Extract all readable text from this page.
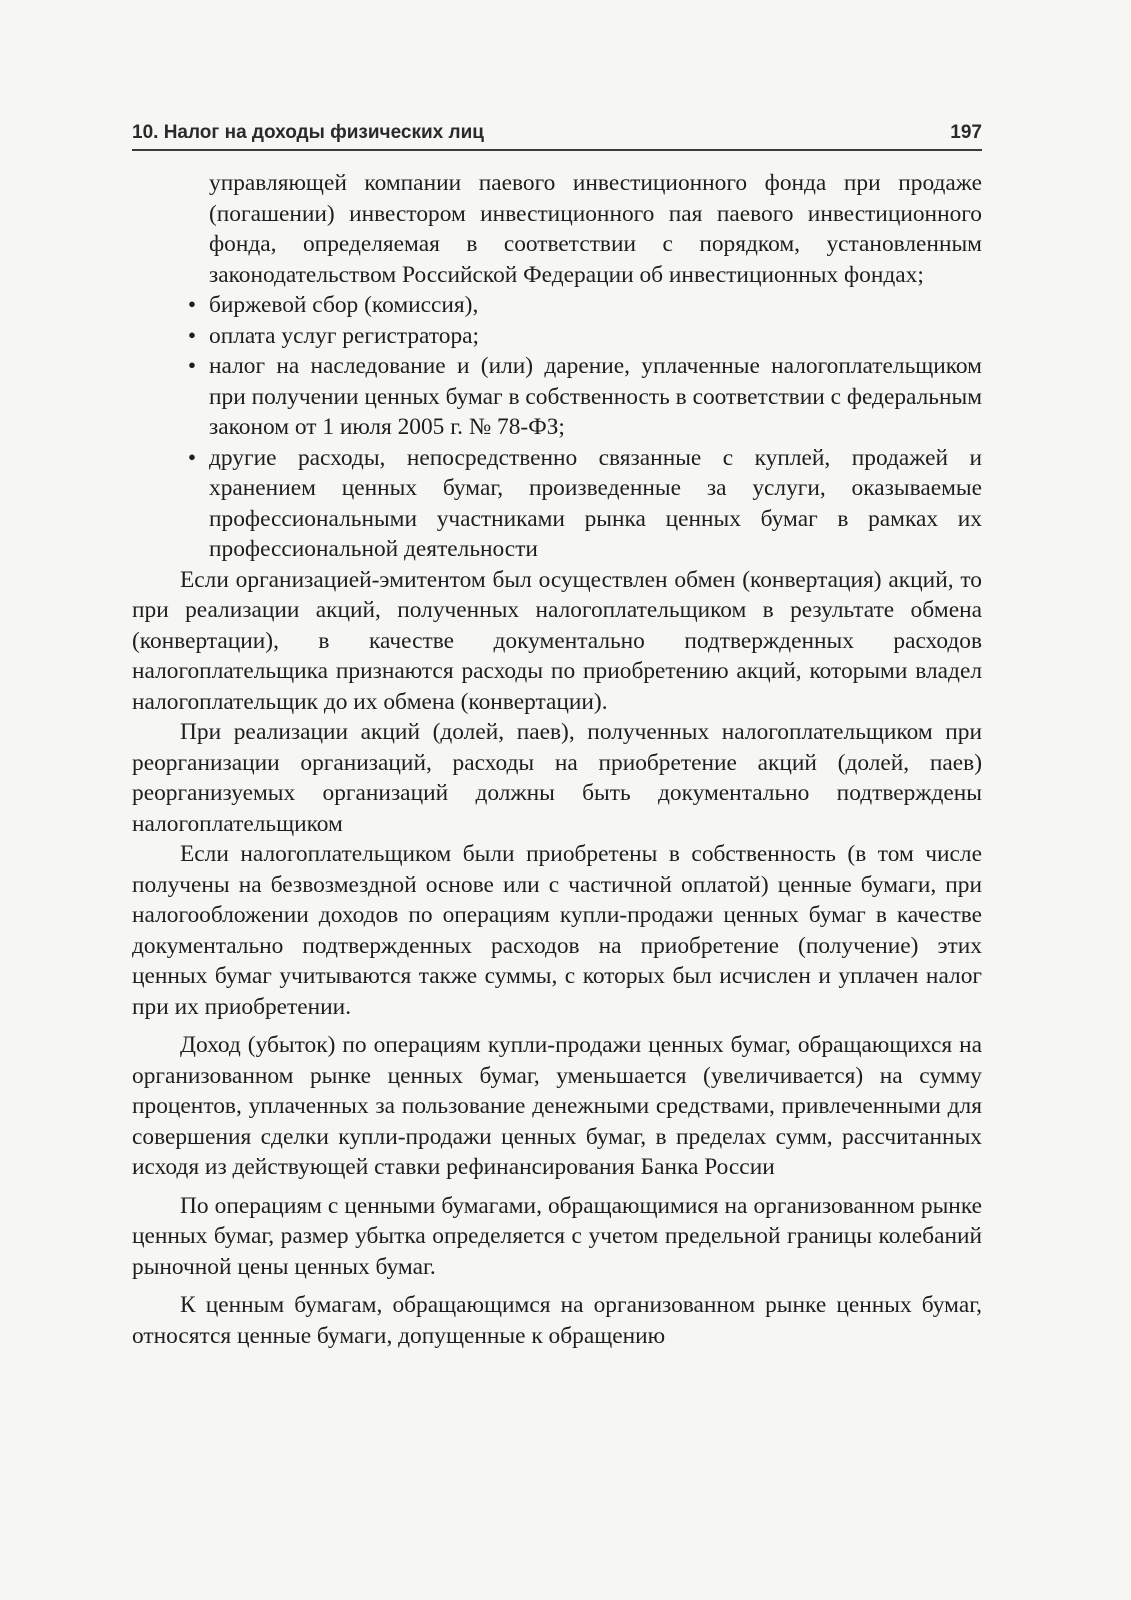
10. Налог на доходы физических лиц	197

управляющей компании паевого инвестиционного фонда при продаже (погашении) инвестором инвестиционного пая паевого инвестиционного фонда, определяемая в соответствии с порядком, установленным законодательством Российской Федерации об инвестиционных фондах;

• биржевой сбор (комиссия),
• оплата услуг регистратора;
• налог на наследование и (или) дарение, уплаченные налогоплательщиком при получении ценных бумаг в собственность в соответствии с федеральным законом от 1 июля 2005 г. № 78-ФЗ;
• другие расходы, непосредственно связанные с куплей, продажей и хранением ценных бумаг, произведенные за услуги, оказываемые профессиональными участниками рынка ценных бумаг в рамках их профессиональной деятельности

Если организацией-эмитентом был осуществлен обмен (конвертация) акций, то при реализации акций, полученных налогоплательщиком в результате обмена (конвертации), в качестве документально подтвержденных расходов налогоплательщика признаются расходы по приобретению акций, которыми владел налогоплательщик до их обмена (конвертации).

При реализации акций (долей, паев), полученных налогоплательщиком при реорганизации организаций, расходы на приобретение акций (долей, паев) реорганизуемых организаций должны быть документально подтверждены налогоплательщиком

Если налогоплательщиком были приобретены в собственность (в том числе получены на безвозмездной основе или с частичной оплатой) ценные бумаги, при налогообложении доходов по операциям купли-продажи ценных бумаг в качестве документально подтвержденных расходов на приобретение (получение) этих ценных бумаг учитываются также суммы, с которых был исчислен и уплачен налог при их приобретении.

Доход (убыток) по операциям купли-продажи ценных бумаг, обращающихся на организованном рынке ценных бумаг, уменьшается (увеличивается) на сумму процентов, уплаченных за пользование денежными средствами, привлеченными для совершения сделки купли-продажи ценных бумаг, в пределах сумм, рассчитанных исходя из действующей ставки рефинансирования Банка России

По операциям с ценными бумагами, обращающимися на организованном рынке ценных бумаг, размер убытка определяется с учетом предельной границы колебаний рыночной цены ценных бумаг.

К ценным бумагам, обращающимся на организованном рынке ценных бумаг, относятся ценные бумаги, допущенные к обращению
